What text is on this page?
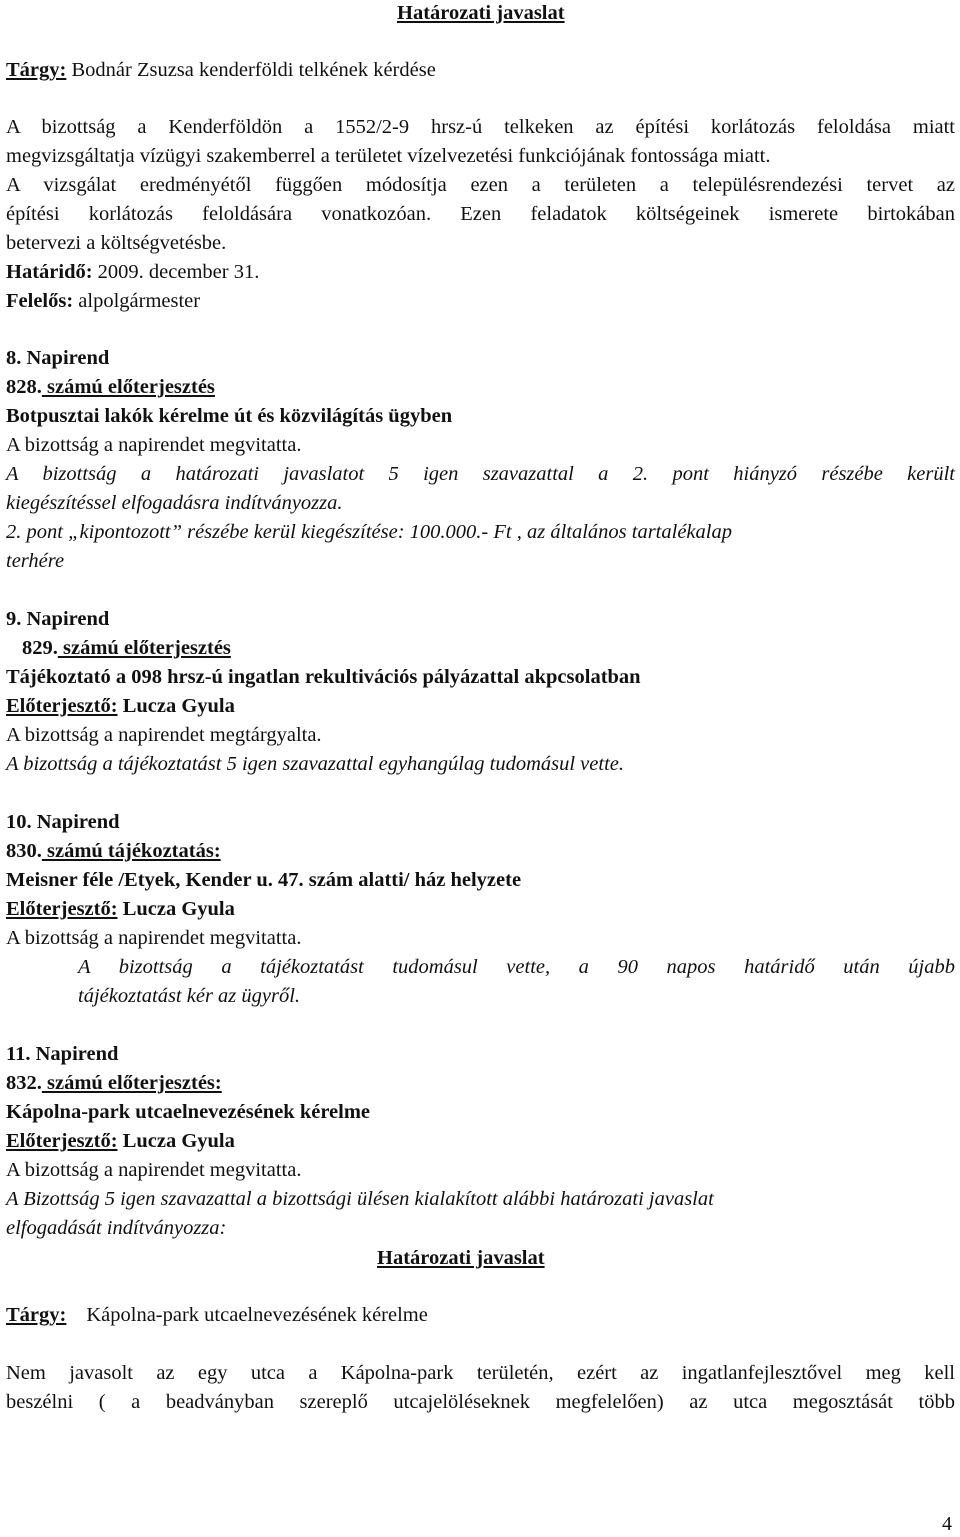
Határozati javaslat
Tárgy: Bodnár Zsuzsa kenderföldi telkének kérdése
A bizottság a Kenderföldön a 1552/2-9 hrsz-ú telkeken az építési korlátozás feloldása miatt
megvizsgáltatja vízügyi szakemberrel a területet vízelvezetési funkciójának fontossága miatt.
A vizsgálat eredményétől függően módosítja ezen a területen a településrendezési tervet az
építési korlátozás feloldására vonatkozóan. Ezen feladatok költségeinek ismerete birtokában
betervezi a költségvetésbe.
Határidő: 2009. december 31.
Felelős: alpolgármester
8. Napirend
828. számú előterjesztés
Botpusztai lakók kérelme út és közvilágítás ügyben
A bizottság a napirendet megvitatta.
A bizottság a határozati javaslatot 5 igen szavazattal a 2. pont hiányzó részébe került
kiegészítéssel elfogadásra indítványozza.
2. pont „kipontozott” részébe kerül kiegészítése: 100.000.- Ft , az általános tartalékalap
terhére
9. Napirend
829. számú előterjesztés
Tájékoztató a 098 hrsz-ú ingatlan rekultivációs pályázattal akpcsolatban
Előterjesztő: Lucza Gyula
A bizottság a napirendet megtárgyalta.
A bizottság a tájékoztatást 5 igen szavazattal egyhangúlag tudomásul vette.
10. Napirend
830. számú tájékoztatás:
Meisner féle /Etyek, Kender u. 47. szám alatti/ ház helyzete
Előterjesztő: Lucza Gyula
A bizottság a napirendet megvitatta.
A bizottság a tájékoztatást tudomásul vette, a 90 napos határidő után újabb
tájékoztatást kér az ügyről.
11. Napirend
832. számú előterjesztés:
Kápolna-park utcaelnevezésének kérelme
Előterjesztő: Lucza Gyula
A bizottság a napirendet megvitatta.
A Bizottság 5 igen szavazattal a bizottsági ülésen kialakított alábbi határozati javaslat
elfogadását indítványozza:
Határozati javaslat
Tárgy: Kápolna-park utcaelnevezésének kérelme
Nem javasolt az egy utca a Kápolna-park területén, ezért az ingatlanfejlesztővel meg kell
beszélni ( a beadványban szereplő utcajelöléseknek megfelelően) az utca megosztását több
4
